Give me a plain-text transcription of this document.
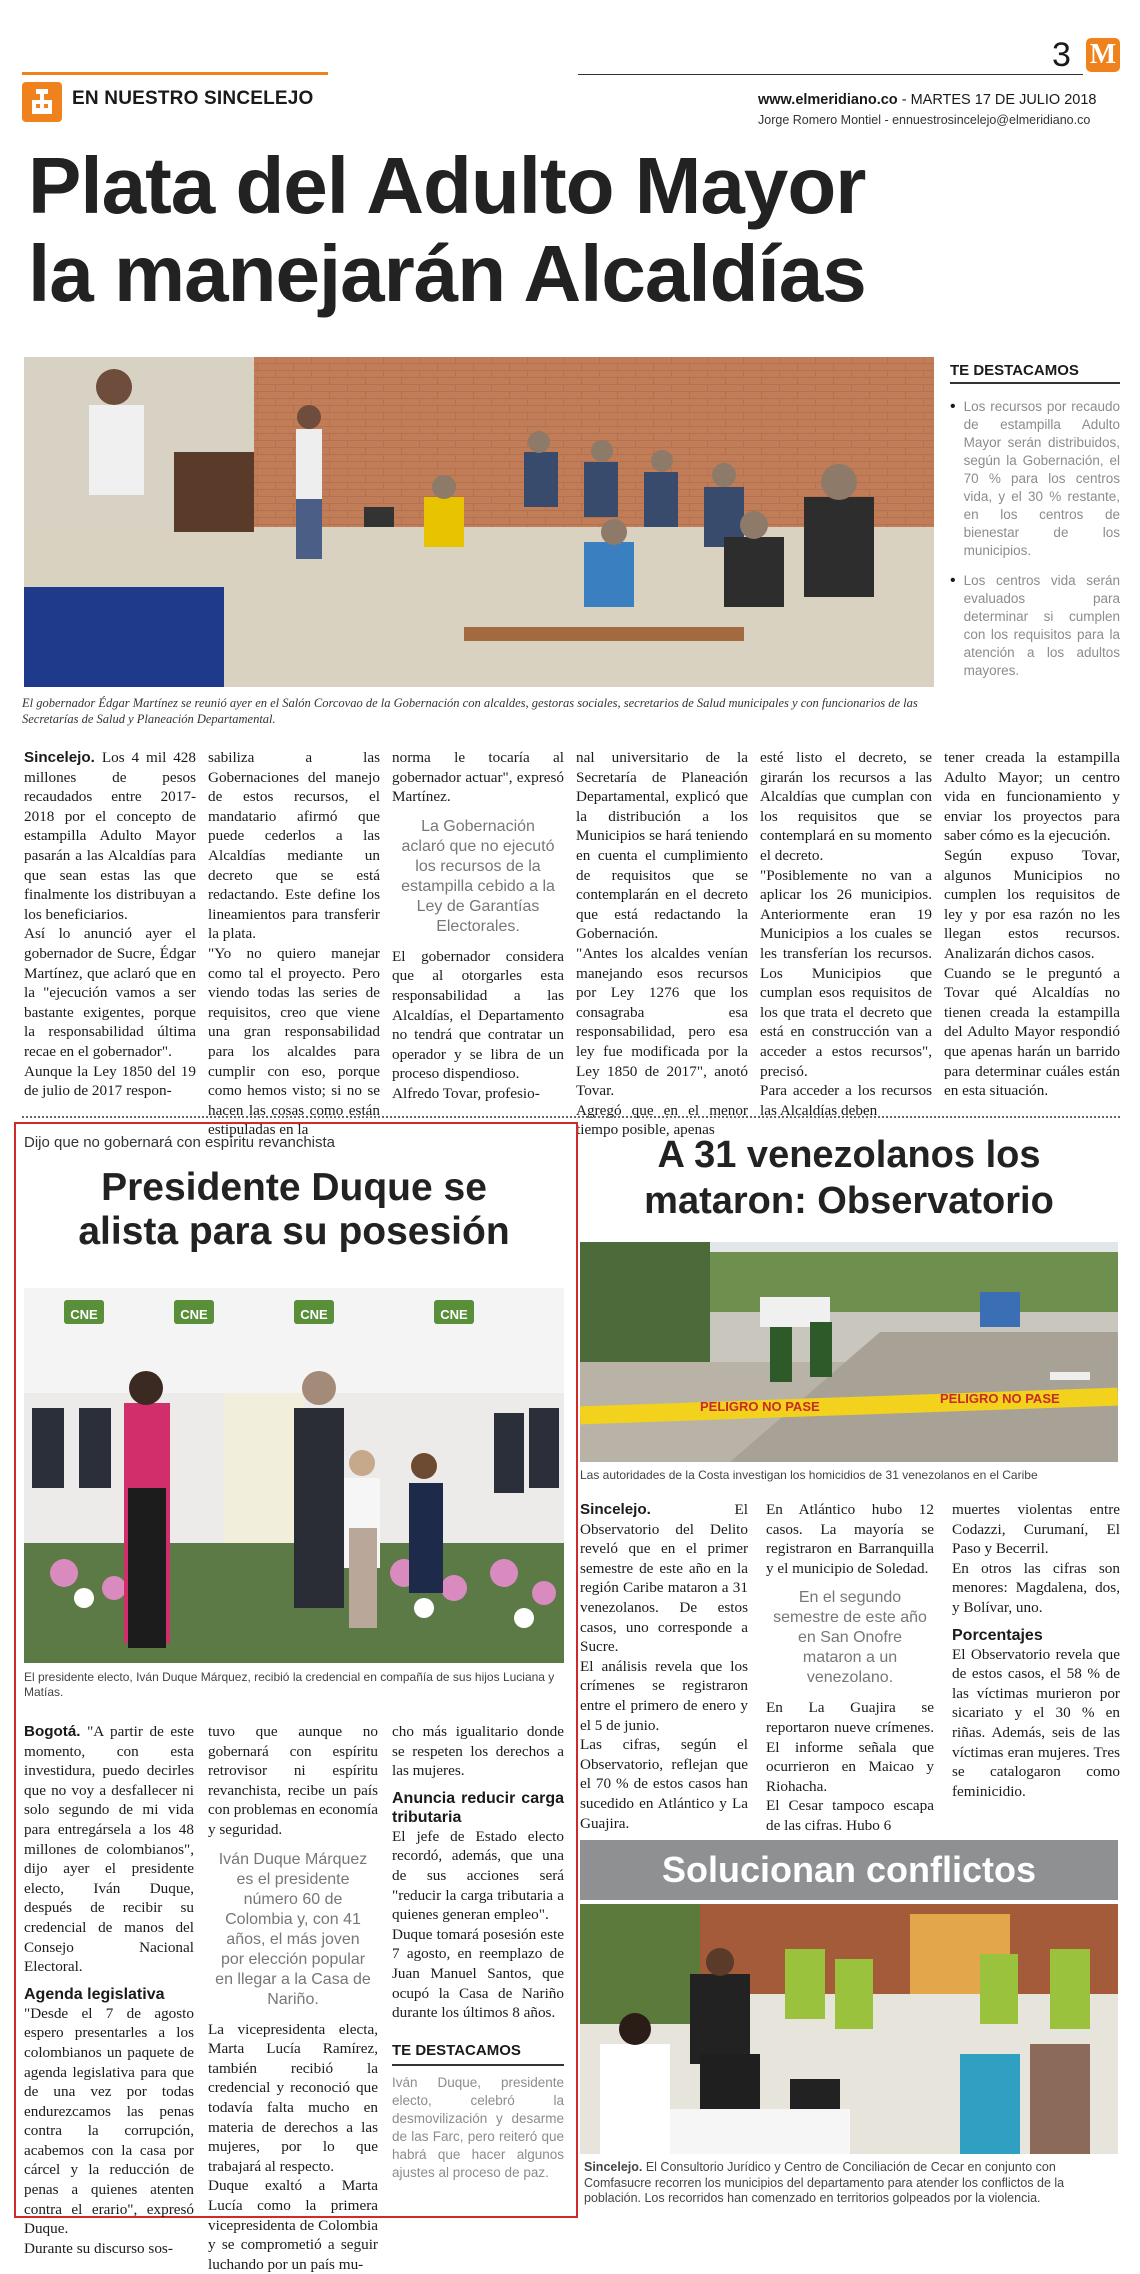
EN NUESTRO SINCELEJO
3 M
www.elmeridiano.co - MARTES 17 DE JULIO 2018
Jorge Romero Montiel - ennuestrosincelejo@elmeridiano.co
Plata del Adulto Mayor
la manejarán Alcaldías
El gobernador Édgar Martínez se reunió ayer en el Salón Corcovao de la Gobernación con alcaldes, gestoras sociales, secretarios de Salud municipales y con funcionarios de las Secretarías de Salud y Planeación Departamental.
TE DESTACAMOS
• Los recursos por recaudo de estampilla Adulto Mayor serán distribuidos, según la Gobernación, el 70 % para los centros vida, y el 30 % restante, en los centros de bienestar de los municipios.
• Los centros vida serán evaluados para determinar si cumplen con los requisitos para la atención a los adultos mayores.

Sincelejo. Los 4 mil 428 millones de pesos recaudados entre 2017-2018 por el concepto de estampilla Adulto Mayor pasarán a las Alcaldías para que sean estas las que finalmente los distribuyan a los beneficiarios.

Así lo anunció ayer el gobernador de Sucre, Édgar Martínez, que aclaró que en la "ejecución vamos a ser bastante exigentes, porque la responsabilidad última recae en el gobernador".

Aunque la Ley 1850 del 19 de julio de 2017 respon-

sabiliza a las Gobernaciones del manejo de estos recursos, el mandatario afirmó que puede cederlos a las Alcaldías mediante un decreto que se está redactando. Este define los lineamientos para transferir la plata.

"Yo no quiero manejar como tal el proyecto. Pero viendo todas las series de requisitos, creo que viene una gran responsabilidad para los alcaldes para cumplir con eso, porque como hemos visto; si no se hacen las cosas como están estipuladas en la

norma le tocaría al gobernador actuar", expresó Martínez.

La Gobernación aclaró que no ejecutó los recursos de la estampilla cebido a la Ley de Garantías Electorales.

El gobernador considera que al otorgarles esta responsabilidad a las Alcaldías, el Departamento no tendrá que contratar un operador y se libra de un proceso dispendioso.

Alfredo Tovar, profesio-

nal universitario de la Secretaría de Planeación Departamental, explicó que la distribución a los Municipios se hará teniendo en cuenta el cumplimiento de requisitos que se contemplarán en el decreto que está redactando la Gobernación.

"Antes los alcaldes venían manejando esos recursos por Ley 1276 que los consagraba esa responsabilidad, pero esa ley fue modificada por la Ley 1850 de 2017", anotó Tovar.

Agregó que en el menor tiempo posible, apenas

esté listo el decreto, se girarán los recursos a las Alcaldías que cumplan con los requisitos que se contemplará en su momento el decreto.

"Posiblemente no van a aplicar los 26 municipios. Anteriormente eran 19 Municipios a los cuales se les transferían los recursos. Los Municipios que cumplan esos requisitos de los que trata el decreto que está en construcción van a acceder a estos recursos", precisó.

Para acceder a los recursos las Alcaldías deben

tener creada la estampilla Adulto Mayor; un centro vida en funcionamiento y enviar los proyectos para saber cómo es la ejecución.

Según expuso Tovar, algunos Municipios no cumplen los requisitos de ley y por esa razón no les llegan estos recursos. Analizarán dichos casos.

Cuando se le preguntó a Tovar qué Alcaldías no tienen creada la estampilla del Adulto Mayor respondió que apenas harán un barrido para determinar cuáles están en esta situación.

Dijo que no gobernará con espíritu revanchista
Presidente Duque se
alista para su posesión
CNE	CNE	CNE	CNE
El presidente electo, Iván Duque Márquez, recibió la credencial en compañía de sus hijos Luciana y Matías.

Bogotá. "A partir de este momento, con esta investidura, puedo decirles que no voy a desfallecer ni solo segundo de mi vida para entregársela a los 48 millones de colombianos", dijo ayer el presidente electo, Iván Duque, después de recibir su credencial de manos del Consejo Nacional Electoral.

Agenda legislativa

"Desde el 7 de agosto espero presentarles a los colombianos un paquete de agenda legislativa para que de una vez por todas endurezcamos las penas contra la corrupción, acabemos con la casa por cárcel y la reducción de penas a quienes atenten contra el erario", expresó Duque.

Durante su discurso sos-

tuvo que aunque no gobernará con espíritu retrovisor ni espíritu revanchista, recibe un país con problemas en economía y seguridad.

Iván Duque Márquez es el presidente número 60 de Colombia y, con 41 años, el más joven por elección popular en llegar a la Casa de Nariño.

La vicepresidenta electa, Marta Lucía Ramírez, también recibió la credencial y reconoció que todavía falta mucho en materia de derechos a las mujeres, por lo que trabajará al respecto.

Duque exaltó a Marta Lucía como la primera vicepresidenta de Colombia y se comprometió a seguir luchando por un país mu-

cho más igualitario donde se respeten los derechos a las mujeres.

Anuncia reducir carga tributaria

El jefe de Estado electo recordó, además, que una de sus acciones será "reducir la carga tributaria a quienes generan empleo".

Duque tomará posesión este 7 agosto, en reemplazo de Juan Manuel Santos, que ocupó la Casa de Nariño durante los últimos 8 años.

TE DESTACAMOS
Iván Duque, presidente electo, celebró la desmovilización y desarme de las Farc, pero reiteró que habrá que hacer algunos ajustes al proceso de paz.
A 31 venezolanos los
mataron: Observatorio
PELIGRO NO PASE
PELIGRO NO PASE
Las autoridades de la Costa investigan los homicidios de 31 venezolanos en el Caribe

Sincelejo. El Observatorio del Delito reveló que en el primer semestre de este año en la región Caribe mataron a 31 venezolanos. De estos casos, uno corresponde a Sucre.

El análisis revela que los crímenes se registraron entre el primero de enero y el 5 de junio.

Las cifras, según el Observatorio, reflejan que el 70 % de estos casos han sucedido en Atlántico y La Guajira.

En Atlántico hubo 12 casos. La mayoría se registraron en Barranquilla y el municipio de Soledad.

En el segundo semestre de este año en San Onofre mataron a un venezolano.

En La Guajira se reportaron nueve crímenes. El informe señala que ocurrieron en Maicao y Riohacha.

El Cesar tampoco escapa de las cifras. Hubo 6

muertes violentas entre Codazzi, Curumaní, El Paso y Becerril.

En otros las cifras son menores: Magdalena, dos, y Bolívar, uno.

Porcentajes

El Observatorio revela que de estos casos, el 58 % de las víctimas murieron por sicariato y el 30 % en riñas. Además, seis de las víctimas eran mujeres. Tres se catalogaron como feminicidio.

Solucionan conflictos
Sincelejo. El Consultorio Jurídico y Centro de Conciliación de Cecar en conjunto con Comfasucre recorren los municipios del departamento para atender los conflictos de la población. Los recorridos han comenzado en territorios golpeados por la violencia.
